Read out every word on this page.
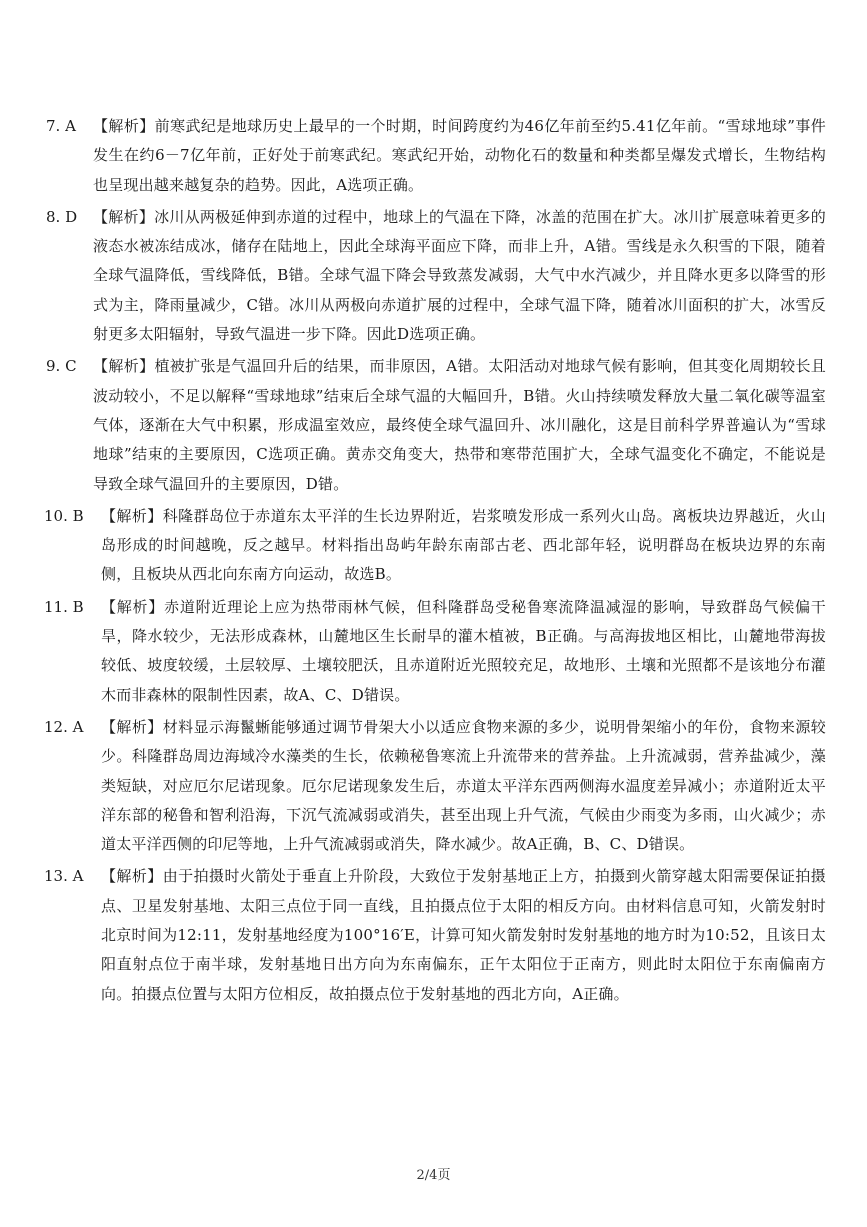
7. A 【解析】前寒武纪是地球历史上最早的一个时期，时间跨度约为46亿年前至约5.41亿年前。“雪球地球”事件发生在约6－7亿年前，正好处于前寒武纪。寒武纪开始，动物化石的数量和种类都呈爆发式增长，生物结构也呈现出越来越复杂的趋势。因此，A选项正确。
8. D 【解析】冰川从两极延伸到赤道的过程中，地球上的气温在下降，冰盖的范围在扩大。冰川扩展意味着更多的液态水被冻结成冰，储存在陆地上，因此全球海平面应下降，而非上升，A错。雪线是永久积雪的下限，随着全球气温降低，雪线降低，B错。全球气温下降会导致蒸发减弱，大气中水汽减少，并且降水更多以降雪的形式为主，降雨量减少，C错。冰川从两极向赤道扩展的过程中，全球气温下降，随着冰川面积的扩大，冰雪反射更多太阳辐射，导致气温进一步下降。因此D选项正确。
9. C 【解析】植被扩张是气温回升后的结果，而非原因，A错。太阳活动对地球气候有影响，但其变化周期较长且波动较小，不足以解释“雪球地球”结束后全球气温的大幅回升，B错。火山持续喷发释放大量二氧化碳等温室气体，逐渐在大气中积累，形成温室效应，最终使全球气温回升、冰川融化，这是目前科学界普遍认为“雪球地球”结束的主要原因，C选项正确。黄赤交角变大，热带和寒带范围扩大，全球气温变化不确定，不能说是导致全球气温回升的主要原因，D错。
10. B 【解析】科隆群岛位于赤道东太平洋的生长边界附近，岩浆喷发形成一系列火山岛。离板块边界越近，火山岛形成的时间越晚，反之越早。材料指出岛屿年龄东南部古老、西北部年轻，说明群岛在板块边界的东南侧，且板块从西北向东南方向运动，故选B。
11. B 【解析】赤道附近理论上应为热带雨林气候，但科隆群岛受秘鲁寒流降温减湿的影响，导致群岛气候偏干旱，降水较少，无法形成森林，山麓地区生长耐旱的灌木植被，B正确。与高海拔地区相比，山麓地带海拔较低、坡度较缓，土层较厚、土壤较肥沃，且赤道附近光照较充足，故地形、土壤和光照都不是该地分布灌木而非森林的限制性因素，故A、C、D错误。
12. A 【解析】材料显示海鬣蜥能够通过调节骨架大小以适应食物来源的多少，说明骨架缩小的年份，食物来源较少。科隆群岛周边海域冷水藻类的生长，依赖秘鲁寒流上升流带来的营养盐。上升流减弱，营养盐减少，藻类短缺，对应厄尔尼诺现象。厄尔尼诺现象发生后，赤道太平洋东西两侧海水温度差异减小；赤道附近太平洋东部的秘鲁和智利沿海，下沉气流减弱或消失，甚至出现上升气流，气候由少雨变为多雨，山火减少；赤道太平洋西侧的印尼等地，上升气流减弱或消失，降水减少。故A正确，B、C、D错误。
13. A 【解析】由于拍摄时火箭处于垂直上升阶段，大致位于发射基地正上方，拍摄到火箭穿越太阳需要保证拍摄点、卫星发射基地、太阳三点位于同一直线，且拍摄点位于太阳的相反方向。由材料信息可知，火箭发射时北京时间为12:11，发射基地经度为100°16′E，计算可知火箭发射时发射基地的地方时为10:52，且该日太阳直射点位于南半球，发射基地日出方向为东南偏东，正午太阳位于正南方，则此时太阳位于东南偏南方向。拍摄点位置与太阳方位相反，故拍摄点位于发射基地的西北方向，A正确。
2/4页
